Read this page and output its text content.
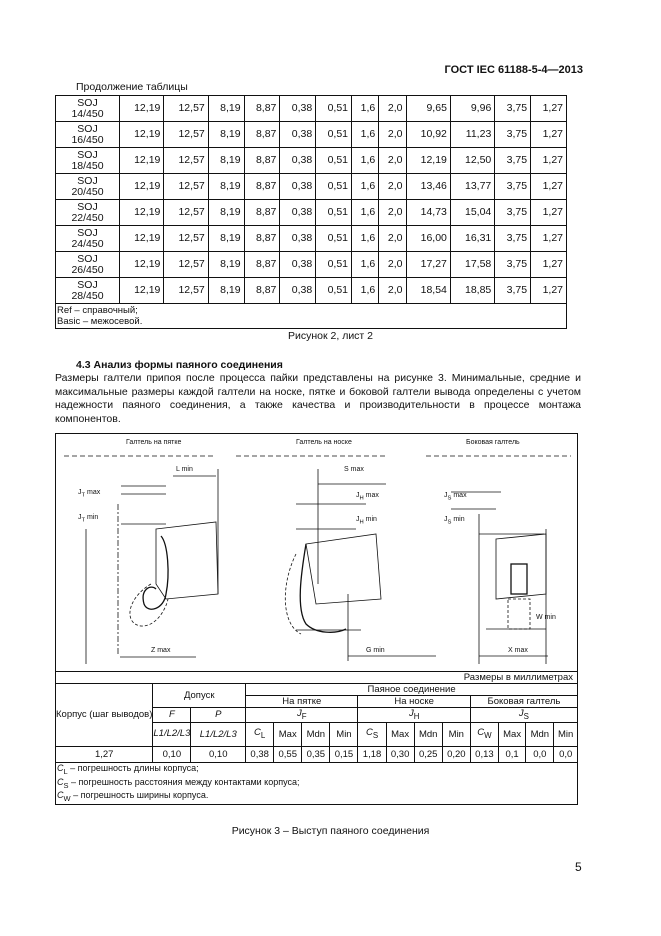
ГОСТ IEC 61188-5-4—2013
Продолжение таблицы
SOJ
14/450	12,19	12,57	8,19	8,87	0,38	0,51	1,6	2,0	9,65	9,96	3,75	1,27

SOJ
16/450	12,19	12,57	8,19	8,87	0,38	0,51	1,6	2,0	10,92	11,23	3,75	1,27

SOJ
18/450	12,19	12,57	8,19	8,87	0,38	0,51	1,6	2,0	12,19	12,50	3,75	1,27

SOJ
20/450	12,19	12,57	8,19	8,87	0,38	0,51	1,6	2,0	13,46	13,77	3,75	1,27

SOJ
22/450	12,19	12,57	8,19	8,87	0,38	0,51	1,6	2,0	14,73	15,04	3,75	1,27

SOJ
24/450	12,19	12,57	8,19	8,87	0,38	0,51	1,6	2,0	16,00	16,31	3,75	1,27

SOJ
26/450	12,19	12,57	8,19	8,87	0,38	0,51	1,6	2,0	17,27	17,58	3,75	1,27

SOJ
28/450	12,19	12,57	8,19	8,87	0,38	0,51	1,6	2,0	18,54	18,85	3,75	1,27

Ref – справочный;
Basic – межосевой.												
Рисунок 2, лист 2
4.3 Анализ формы паяного соединения
Размеры галтели припоя после процесса пайки представлены на рисунке 3. Минимальные, средние и максимальные размеры каждой галтели на носке, пятке и боковой галтели вывода определены с учетом надежности паяного соединения, а также качества и производительности в процессе монтажа компонентов.
Галтель на пятке	Галтель на носке	Боковая галтель
L min
$J_T$ max
$J_T$ min
Z max
S max
$J_H$ max
$J_H$ min
G min
$J_S$ max
$J_S$ min
W min
X max
Размеры в миллиметрах														
Корпус (шаг выводов)	Допуск		Паяное соединение											
			На пятке				На носке				Боковая галтель			
	F	P	$J_F$				$J_H$				$J_S$
	L1/L2/L3	L1/L2/L3	$C_L$	Max	Mdn	Min	$C_S$	Max	Mdn	Min	$C_W$	Max	Mdn	Min
1,27	0,10	0,10	0,38	0,55	0,35	0,15	1,18	0,30	0,25	0,20	0,13	0,1	0,0	0,0

$C_L$ – погрешность длины корпуса;
$C_S$ – погрешность расстояния между контактами корпуса;
$C_W$ – погрешность ширины корпуса.														
Рисунок 3 – Выступ паяного соединения
5
